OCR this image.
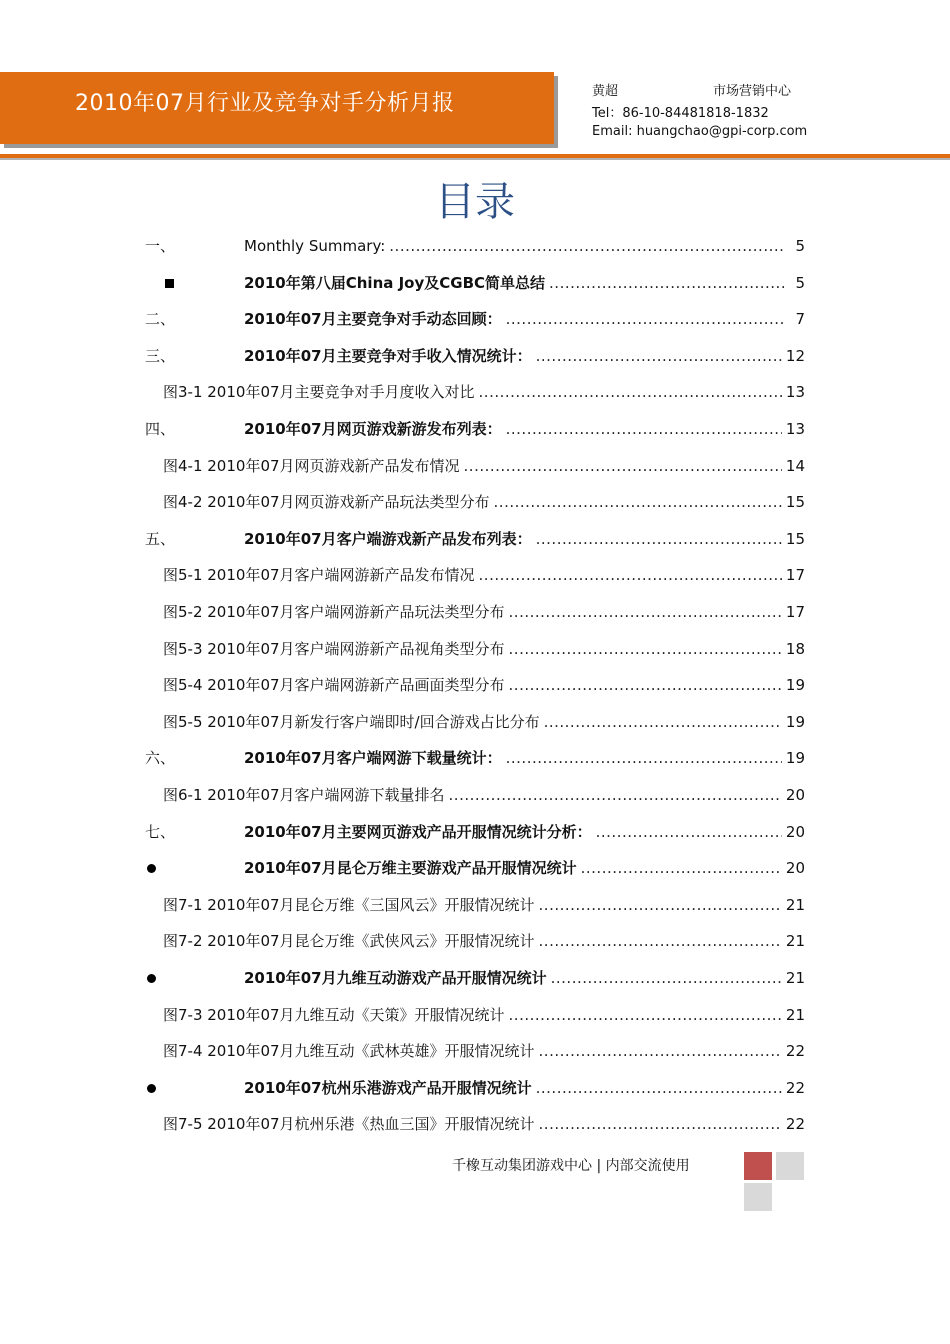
2010年07月行业及竞争对手分析月报	黄超	市场营销中心
Tel：86-10-84481818-1832
Email: huangchao@gpi-corp.com
目录
一、	Monthly Summary: .....	5
2010年第八届China Joy及CGBC简单总结 .....	5
二、	2010年07月主要竞争对手动态回顾： .....	7
三、	2010年07月主要竞争对手收入情况统计： .....	12
图3-1 2010年07月主要竞争对手月度收入对比 .....	13
四、	2010年07月网页游戏新游发布列表： .....	13
图4-1 2010年07月网页游戏新产品发布情况 .....	14
图4-2 2010年07月网页游戏新产品玩法类型分布 .....	15
五、	2010年07月客户端游戏新产品发布列表： .....	15
图5-1 2010年07月客户端网游新产品发布情况 .....	17
图5-2 2010年07月客户端网游新产品玩法类型分布 .....	17
图5-3 2010年07月客户端网游新产品视角类型分布 .....	18
图5-4 2010年07月客户端网游新产品画面类型分布 .....	19
图5-5 2010年07月新发行客户端即时/回合游戏占比分布 .....	19
六、	2010年07月客户端网游下载量统计： .....	19
图6-1 2010年07月客户端网游下载量排名 .....	20
七、	2010年07月主要网页游戏产品开服情况统计分析： .....	20
2010年07月昆仑万维主要游戏产品开服情况统计 .....	20
图7-1 2010年07月昆仑万维《三国风云》开服情况统计 .....	21
图7-2 2010年07月昆仑万维《武侠风云》开服情况统计 .....	21
2010年07月九维互动游戏产品开服情况统计 .....	21
图7-3 2010年07月九维互动《天策》开服情况统计 .....	21
图7-4 2010年07月九维互动《武林英雄》开服情况统计 .....	22
2010年07杭州乐港游戏产品开服情况统计 .....	22
图7-5 2010年07月杭州乐港《热血三国》开服情况统计 .....	22
千橡互动集团游戏中心 | 内部交流使用
